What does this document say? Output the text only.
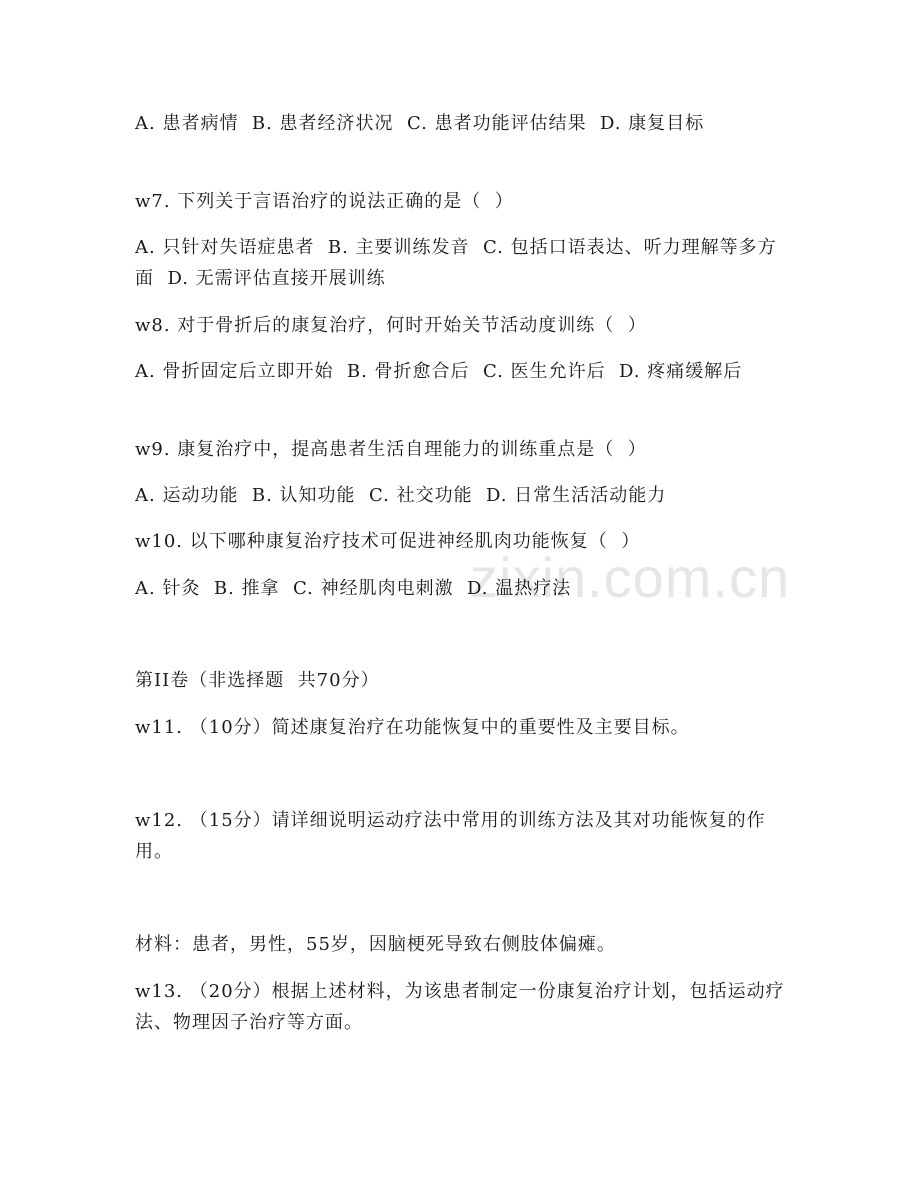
zixin.com.cn
A. 患者病情  B. 患者经济状况  C. 患者功能评估结果  D. 康复目标
w7. 下列关于言语治疗的说法正确的是（  ）
A. 只针对失语症患者  B. 主要训练发音  C. 包括口语表达、听力理解等多方面  D. 无需评估直接开展训练
w8. 对于骨折后的康复治疗，何时开始关节活动度训练（  ）
A. 骨折固定后立即开始  B. 骨折愈合后  C. 医生允许后  D. 疼痛缓解后
w9. 康复治疗中，提高患者生活自理能力的训练重点是（  ）
A. 运动功能  B. 认知功能  C. 社交功能  D. 日常生活活动能力
w10. 以下哪种康复治疗技术可促进神经肌肉功能恢复（  ）
A. 针灸  B. 推拿  C. 神经肌肉电刺激  D. 温热疗法
第II卷（非选择题  共70分）
w11. （10分）简述康复治疗在功能恢复中的重要性及主要目标。
w12. （15分）请详细说明运动疗法中常用的训练方法及其对功能恢复的作用。
材料：患者，男性，55岁，因脑梗死导致右侧肢体偏瘫。
w13. （20分）根据上述材料，为该患者制定一份康复治疗计划，包括运动疗法、物理因子治疗等方面。
